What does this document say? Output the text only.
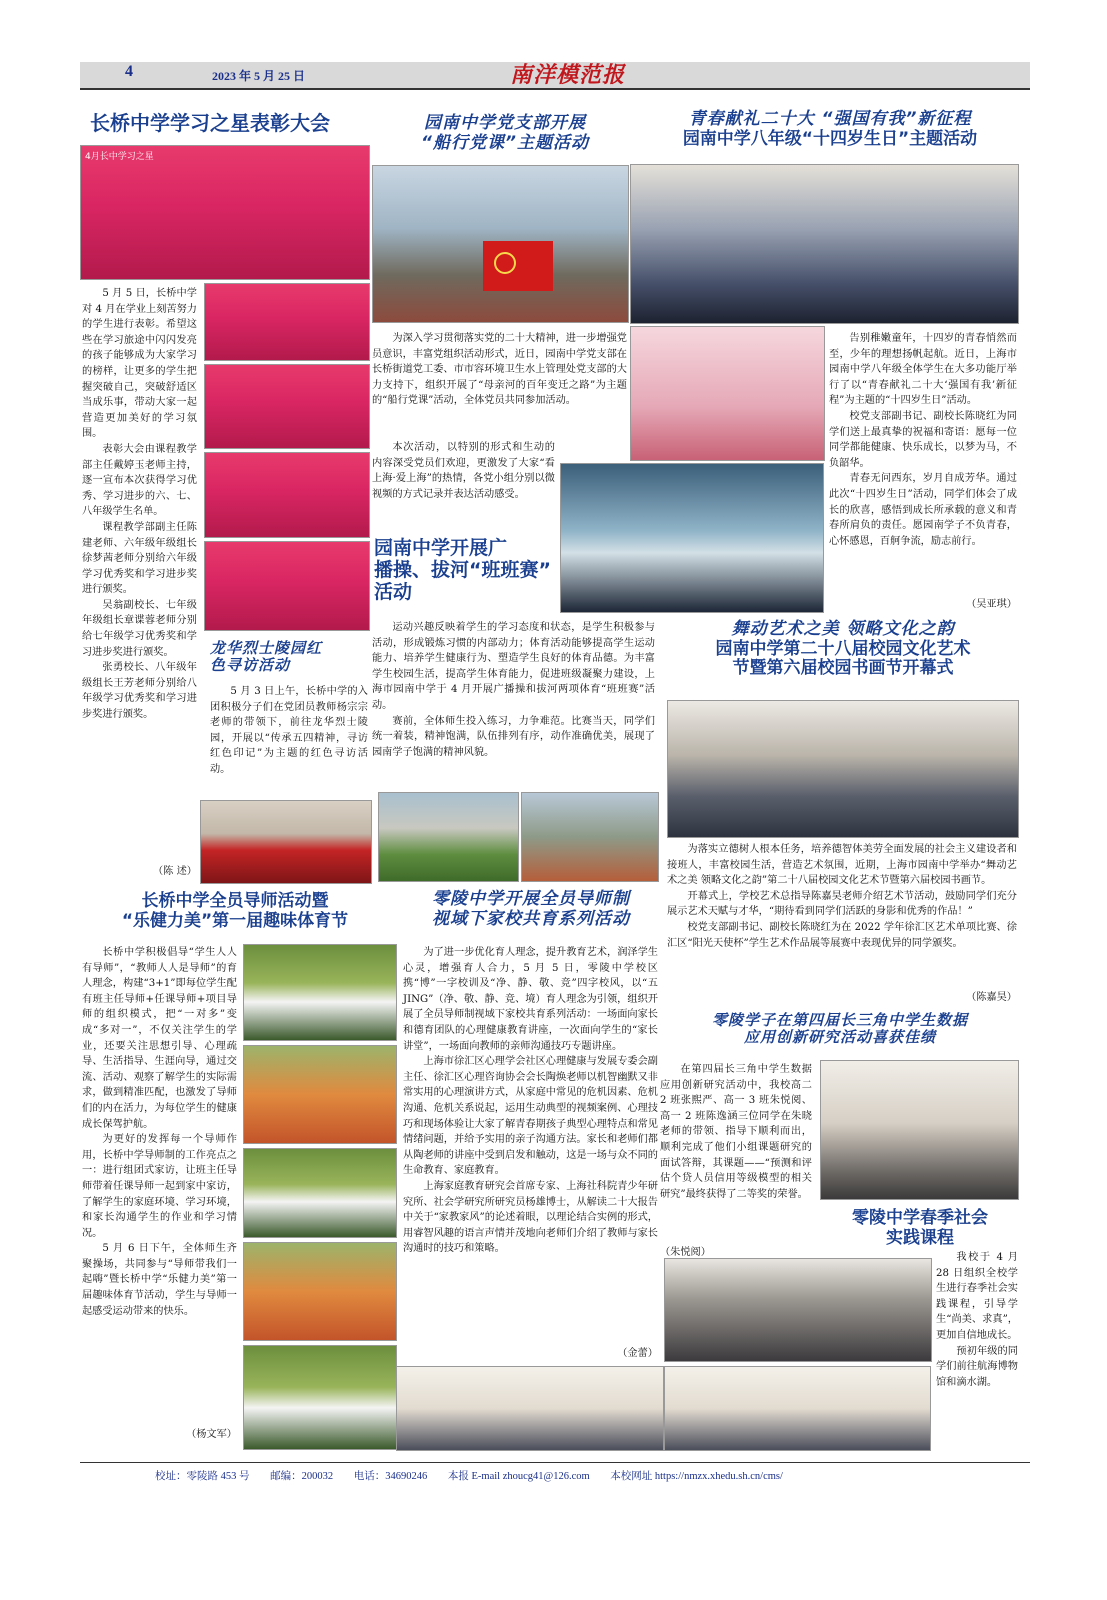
4	2023 年 5 月 25 日	南洋模范报
长桥中学学习之星表彰大会
4月长中学习之星

5 月 5 日，长桥中学对 4 月在学业上刻苦努力的学生进行表彰。希望这些在学习旅途中闪闪发亮的孩子能够成为大家学习的榜样，让更多的学生把握突破自己，突破舒适区当成乐事，带动大家一起营造更加美好的学习氛围。

表彰大会由课程教学部主任戴婷玉老师主持，逐一宣布本次获得学习优秀、学习进步的六、七、八年级学生名单。

课程教学部副主任陈建老师、六年级年级组长徐梦茜老师分别给六年级学习优秀奖和学习进步奖进行颁奖。

吴翁副校长、七年级年级组长章谍蓉老师分别给七年级学习优秀奖和学习进步奖进行颁奖。

张勇校长、八年级年级组长王芳老师分别给八年级学习优秀奖和学习进步奖进行颁奖。

（陈 述）
龙华烈士陵园红
色寻访活动

5 月 3 日上午，长桥中学的入团积极分子们在党团员教师杨宗宗老师的带领下，前往龙华烈士陵园，开展以“传承五四精神，寻访红色印记”为主题的红色寻访活动。

园南中学党支部开展
“船行党课”主题活动

为深入学习贯彻落实党的二十大精神，进一步增强党员意识，丰富党组织活动形式，近日，园南中学党支部在长桥街道党工委、市市容环境卫生水上管理处党支部的大力支持下，组织开展了“母亲河的百年变迁之路”为主题的“船行党课”活动，全体党员共同参加活动。

本次活动，以特别的形式和生动的内容深受党员们欢迎，更激发了大家“看上海·爱上海”的热情，各党小组分别以微视频的方式记录并表达活动感受。

园南中学开展广
播操、拔河“班班赛”
活动

运动兴趣反映着学生的学习态度和状态，是学生积极参与活动，形成锻炼习惯的内部动力；体育活动能够提高学生运动能力、培养学生健康行为、塑造学生良好的体育品德。为丰富学生校园生活，提高学生体育能力，促进班级凝聚力建设，上海市园南中学于 4 月开展广播操和拔河两项体育“班班赛”活动。

赛前，全体师生投入练习，力争难范。比赛当天，同学们统一着装，精神饱满，队伍排列有序，动作准确优美，展现了园南学子饱满的精神风貌。

青春献礼二十大 “强国有我”新征程
园南中学八年级“十四岁生日”主题活动

告别稚嫩童年，十四岁的青春悄然而至，少年的理想扬帆起航。近日，上海市园南中学八年级全体学生在大多功能厅举行了以“青春献礼二十大‘强国有我’新征程”为主题的“十四岁生日”活动。

校党支部副书记、副校长陈晓红为同学们送上最真挚的祝福和寄语：愿每一位同学都能健康、快乐成长，以梦为马，不负韶华。

青春无问西东，岁月自成芳华。通过此次“十四岁生日”活动，同学们体会了成长的欣喜，感悟到成长所承载的意义和青春所肩负的责任。愿园南学子不负青春，心怀感恩，百舸争流，励志前行。

（吴亚琪）
舞动艺术之美 领略文化之韵
园南中学第二十八届校园文化艺术
节暨第六届校园书画节开幕式

为落实立德树人根本任务，培养德智体美劳全面发展的社会主义建设者和接班人，丰富校园生活，营造艺术氛围，近期，上海市园南中学举办“舞动艺术之美 领略文化之韵”第二十八届校园文化艺术节暨第六届校园书画节。

开幕式上，学校艺术总指导陈嘉昊老师介绍艺术节活动，鼓励同学们充分展示艺术天赋与才华，“期待看到同学们活跃的身影和优秀的作品！”

校党支部副书记、副校长陈晓红为在 2022 学年徐汇区艺术单项比赛、徐汇区“阳光天使杯”学生艺术作品展等展赛中表现优异的同学颁奖。

（陈嘉昊）
长桥中学全员导师活动暨
“乐健力美”第一届趣味体育节

长桥中学积极倡导“学生人人有导师”，“教师人人是导师”的育人理念，构建“3+1”即每位学生配有班主任导师+任课导师+项目导师的组织模式，把“一对多”变成“多对一”，不仅关注学生的学业，还要关注思想引导、心理疏导、生活指导、生涯向导，通过交流、活动、观察了解学生的实际需求，做到精准匹配，也激发了导师们的内在活力，为每位学生的健康成长保驾护航。

为更好的发挥每一个导师作用，长桥中学导师制的工作亮点之一：进行组团式家访，让班主任导师带着任课导师一起到家中家访，了解学生的家庭环境、学习环境，和家长沟通学生的作业和学习情况。

5 月 6 日下午，全体师生齐聚操场，共同参与“导师带我们一起嗨”暨长桥中学“乐健力美”第一届趣味体育节活动，学生与导师一起感受运动带来的快乐。

（杨文军）
零陵中学开展全员导师制
视域下家校共育系列活动

为了进一步优化育人理念，提升教育艺术，润泽学生心灵，增强育人合力，5 月 5 日，零陵中学校区携“博”一字校训及“净、静、敬、竞”四字校风，以“五 JING”（净、敬、静、竞、境）育人理念为引领，组织开展了全员导师制视域下家校共育系列活动：一场面向家长和德育团队的心理健康教育讲座，一次面向学生的“家长讲堂”，一场面向教师的亲师沟通技巧专题讲座。

上海市徐汇区心理学会社区心理健康与发展专委会副主任、徐汇区心理咨询协会会长陶焕老师以机智幽默又非常实用的心理演讲方式，从家庭中常见的危机因素、危机沟通、危机关系说起，运用生动典型的视频案例、心理技巧和现场体验让大家了解青春期孩子典型心理特点和常见情绪问题，并给予实用的亲子沟通方法。家长和老师们都从陶老师的讲座中受到启发和触动，这是一场与众不同的生命教育、家庭教育。

上海家庭教育研究会首席专家、上海社科院青少年研究所、社会学研究所研究员杨雄博士，从解读二十大报告中关于“家教家风”的论述着眼，以理论结合实例的形式，用睿智风趣的语言声情并茂地向老师们介绍了教师与家长沟通时的技巧和策略。

（金蕾）
零陵学子在第四届长三角中学生数据
应用创新研究活动喜获佳绩

在第四届长三角中学生数据应用创新研究活动中，我校高二 2 班张熙严、高一 3 班朱悦阅、高一 2 班陈逸涵三位同学在朱晓老师的带领、指导下顺利而出，顺利完成了他们小组课题研究的面试答辩，其课题——“预测和评估个贷人员信用等级模型的相关研究”最终获得了二等奖的荣誉。

（朱悦阅）
零陵中学春季社会
实践课程

我校于 4 月 28 日组织全校学生进行春季社会实践课程，引导学生“尚美、求真”，更加自信地成长。

预初年级的同学们前往航海博物馆和滴水湖。

校址：零陵路 453 号 邮编：200032 电话：34690246 本报 E-mail zhoucg41@126.com 本校网址 https://nmzx.xhedu.sh.cn/cms/
